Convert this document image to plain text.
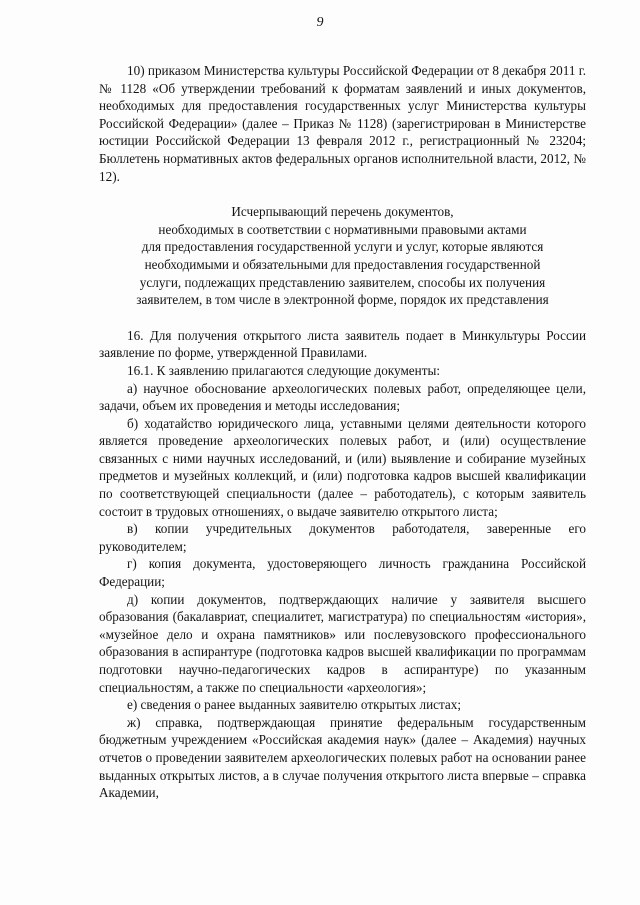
9

10) приказом Министерства культуры Российской Федерации от 8 декабря 2011 г. № 1128 «Об утверждении требований к форматам заявлений и иных документов, необходимых для предоставления государственных услуг Министерства культуры Российской Федерации» (далее – Приказ № 1128) (зарегистрирован в Министерстве юстиции Российской Федерации 13 февраля 2012 г., регистрационный № 23204; Бюллетень нормативных актов федеральных органов исполнительной власти, 2012, № 12).

Исчерпывающий перечень документов,
необходимых в соответствии с нормативными правовыми актами
для предоставления государственной услуги и услуг, которые являются
необходимыми и обязательными для предоставления государственной
услуги, подлежащих представлению заявителем, способы их получения
заявителем, в том числе в электронной форме, порядок их представления

16. Для получения открытого листа заявитель подает в Минкультуры России заявление по форме, утвержденной Правилами.

16.1. К заявлению прилагаются следующие документы:

а) научное обоснование археологических полевых работ, определяющее цели, задачи, объем их проведения и методы исследования;

б) ходатайство юридического лица, уставными целями деятельности которого является проведение археологических полевых работ, и (или) осуществление связанных с ними научных исследований, и (или) выявление и собирание музейных предметов и музейных коллекций, и (или) подготовка кадров высшей квалификации по соответствующей специальности (далее – работодатель), с которым заявитель состоит в трудовых отношениях, о выдаче заявителю открытого листа;

в) копии учредительных документов работодателя, заверенные его руководителем;

г) копия документа, удостоверяющего личность гражданина Российской Федерации;

д) копии документов, подтверждающих наличие у заявителя высшего образования (бакалавриат, специалитет, магистратура) по специальностям «история», «музейное дело и охрана памятников» или послевузовского профессионального образования в аспирантуре (подготовка кадров высшей квалификации по программам подготовки научно-педагогических кадров в аспирантуре) по указанным специальностям, а также по специальности «археология»;

е) сведения о ранее выданных заявителю открытых листах;

ж) справка, подтверждающая принятие федеральным государственным бюджетным учреждением «Российская академия наук» (далее – Академия) научных отчетов о проведении заявителем археологических полевых работ на основании ранее выданных открытых листов, а в случае получения открытого листа впервые – справка Академии,
